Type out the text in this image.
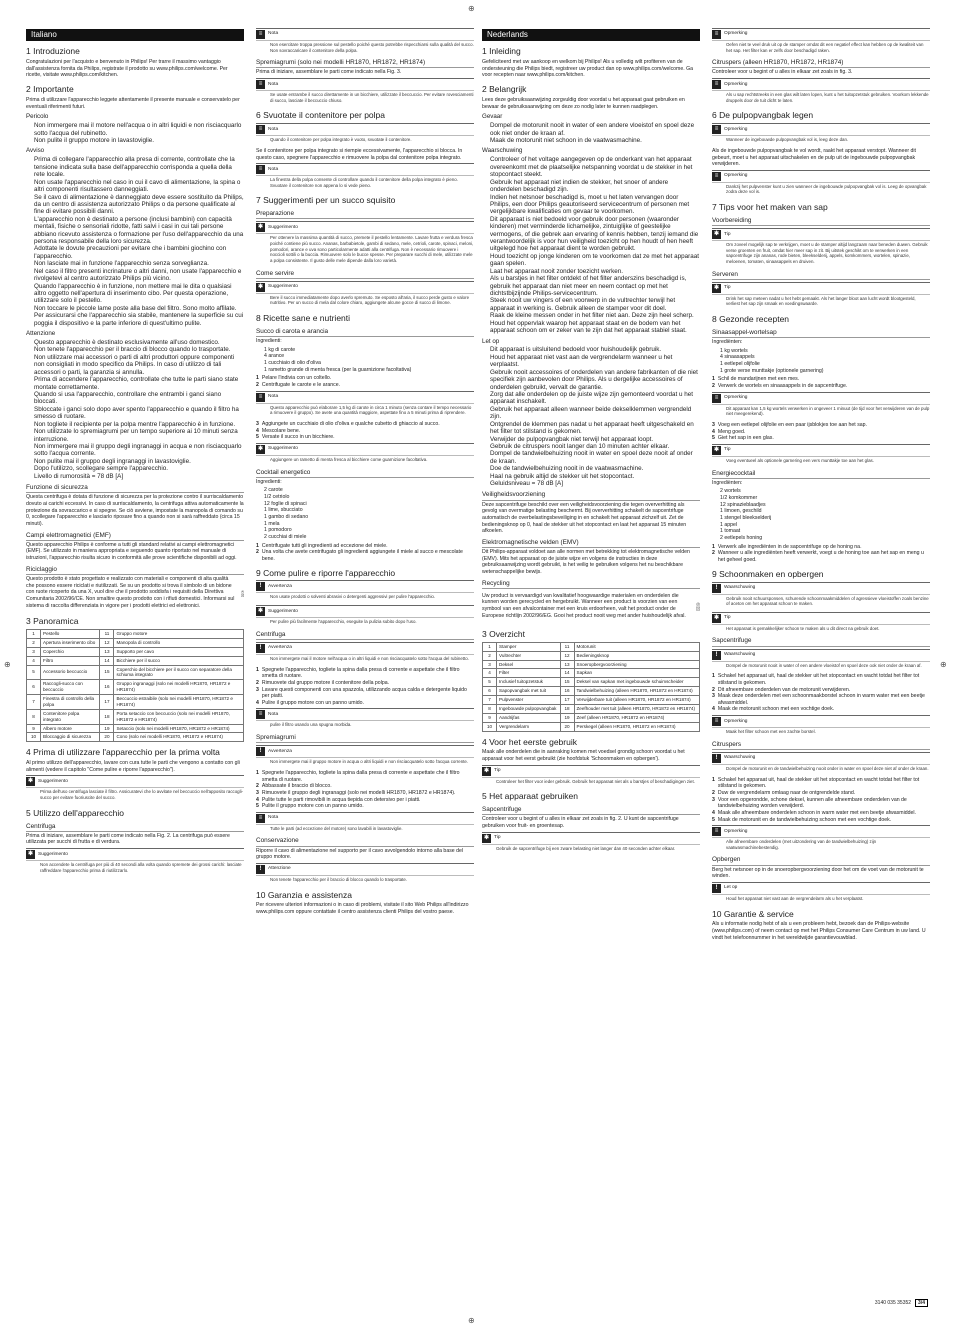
Italiano
1 Introduzione

Congratulazioni per l'acquisto e benvenuto in Philips! Per trarre il massimo vantaggio dall'assistenza fornita da Philips, registrate il prodotto su www.philips.com/welcome. Per ricette, visitate www.philips.com/kitchen.

2 Importante

Prima di utilizzare l'apparecchio leggete attentamente il presente manuale e conservatelo per eventuali riferimenti futuri.

Pericolo
• Non immergere mai il motore nell'acqua o in altri liquidi e non risciacquarlo sotto l'acqua del rubinetto.
• Non pulite il gruppo motore in lavastoviglie.
Avviso
• Prima di collegare l'apparecchio alla presa di corrente, controllate che la tensione indicata sulla base dell'apparecchio corrisponda a quella della rete locale.
• Non usate l'apparecchio nel caso in cui il cavo di alimentazione, la spina o altri componenti risultassero danneggiati.
• Se il cavo di alimentazione è danneggiato deve essere sostituito da Philips, da un centro di assistenza autorizzato Philips o da persone qualificate al fine di evitare possibili danni.
• L'apparecchio non è destinato a persone (inclusi bambini) con capacità mentali, fisiche o sensoriali ridotte, fatti salvi i casi in cui tali persone abbiano ricevuto assistenza o formazione per l'uso dell'apparecchio da una persona responsabile della loro sicurezza.
• Adottate le dovute precauzioni per evitare che i bambini giochino con l'apparecchio.
• Non lasciate mai in funzione l'apparecchio senza sorveglianza.
• Nel caso il filtro presenti incrinature o altri danni, non usate l'apparecchio e rivolgetevi al centro autorizzato Philips più vicino.
• Quando l'apparecchio è in funzione, non mettere mai le dita o qualsiasi altro oggetto nell'apertura di inserimento cibo. Per questa operazione, utilizzare solo il pestello.
• Non toccare le piccole lame poste alla base del filtro. Sono molto affilate.
• Per assicurarsi che l'apparecchio sia stabile, mantenere la superficie su cui poggia il dispositivo e la parte inferiore di quest'ultimo pulite.
Attenzione
• Questo apparecchio è destinato esclusivamente all'uso domestico.
• Non tenete l'apparecchio per il braccio di blocco quando lo trasportate.
• Non utilizzare mai accessori o parti di altri produttori oppure componenti non consigliati in modo specifico da Philips. In caso di utilizzo di tali accessori o parti, la garanzia si annulla.
• Prima di accendere l'apparecchio, controllate che tutte le parti siano state montate correttamente.
• Quando si usa l'apparecchio, controllare che entrambi i ganci siano bloccati.
• Sbloccate i ganci solo dopo aver spento l'apparecchio e quando il filtro ha smesso di ruotare.
• Non togliete il recipiente per la polpa mentre l'apparecchio è in funzione.
• Non utilizzate lo spremiagrumi per un tempo superiore ai 10 minuti senza interruzione.
• Non immergere mai il gruppo degli ingranaggi in acqua e non risciacquarlo sotto l'acqua corrente.
• Non pulite mai il gruppo degli ingranaggi in lavastoviglie.
• Dopo l'utilizzo, scollegare sempre l'apparecchio.
• Livello di rumorosità = 78 dB [A]
Funzione di sicurezza

Questa centrifuga è dotata di funzione di sicurezza per la protezione contro il surriscaldamento dovuto ai carichi eccessivi. In caso di surriscaldamento, la centrifuga attiva automaticamente la protezione da sovraccarico e si spegne. Se ciò avviene, impostate la manopola di comando su 0, scollegare l'apparecchio e lasciarlo riposare fino a quando non si sarà raffreddato (circa 15 minuti).

Campi elettromagnetici (EMF)

Questo apparecchio Philips è conforme a tutti gli standard relativi ai campi elettromagnetici (EMF). Se utilizzato in maniera appropriata e seguendo quanto riportato nel manuale di istruzioni, l'apparecchio risulta sicuro in conformità alle prove scientifiche disponibili ad oggi.

Riciclaggio

Questo prodotto è stato progettato e realizzato con materiali e componenti di alta qualità che possono essere riciclati e riutilizzati. Se su un prodotto si trova il simbolo di un bidone con ruote ricoperto da una X, vuol dire che il prodotto soddisfa i requisiti della Direttiva Comunitaria 2002/96/CE. Non smaltire questo prodotto con i rifiuti domestici. Informarsi sul sistema di raccolta differenziata in vigore per i prodotti elettrici ed elettronici.

3 Panoramica
1	Pestello	11	Gruppo motore
2	Apertura inserimento cibo	12	Manopola di controllo
3	Coperchio	13	Supporto per cavo
4	Filtro	14	Bicchiere per il succo
5	Accessorio beccuccio	15	Coperchio del bicchiere per il succo con separatore della schiuma integrato
6	Raccogli-succo con beccuccio	16	Gruppo ingranaggi (solo nei modelli HR1870, HR1872 e HR1874)
7	Finestra di controllo della polpa	17	Beccuccio estraibile (solo nei modelli HR1870, HR1872 e HR1874)
8	Contenitore polpa integrato	18	Porta setaccio con beccuccio (solo nei modelli HR1870, HR1872 e HR1874)
9	Albero motore	19	Setaccio (solo nei modelli HR1870, HR1872 e HR1874)
10	Bloccaggio di sicurezza	20	Cono (solo nei modelli HR1870, HR1872 e HR1874)
4 Prima di utilizzare l'apparecchio per la prima volta

Al primo utilizzo dell'apparecchio, lavare con cura tutte le parti che vengono a contatto con gli alimenti (vedere il capitolo "Come pulire e riporre l'apparecchio").

✱	Suggerimento
Prima dell'uso centrifuga lasciate il filtro. Assicuratevi che lo avvitate nel beccuccio nell'apposito raccogli-succo per evitare fuoriuscite del succo.
5 Utilizzo dell'apparecchio
Centrifuga

Prima di iniziare, assemblare le parti come indicato nella Fig. 2. La centrifuga può essere utilizzata per succhi di frutta e di verdura.

✱	Suggerimento
Non accendete la centrifuga per più di 40 secondi alla volta quando spremete dei grossi carichi: lasciate raffreddare l'apparecchio prima di riutilizzarlo.
≡	Nota
Non esercitare troppa pressione sul pestello poiché questo potrebbe rispecchiarsi sulla qualità del succo. Non sovraccaricare il contenitore della polpa.
Spremiagrumi (solo nei modelli HR1870, HR1872, HR1874)

Prima di iniziare, assemblare le parti come indicato nella Fig. 3.

≡	Nota
Se usate entrambe il succo direttamente in un bicchiere, utilizzate il beccuccio. Per evitare rovesciamenti di succo, lasciate il beccuccio chiuso.
6 Svuotate il contenitore per polpa
≡	Nota
Quando il contenitore per polpa integrato è vuoto, svuotate il contenitore.

Se il contenitore per polpa integrato si riempie eccessivamente, l'apparecchio si blocca. In questo caso, spegnere l'apparecchio e rimuovere la polpa dal contenitore polpa integrato.

≡	Nota
La finestra della polpa consente di controllare quando il contenitore della polpa integrato è pieno. Svuotare il contenitore non appena lo si vede pieno.
7 Suggerimenti per un succo squisito
Preparazione
✱	Suggerimento
Per ottenere la massima quantità di succo, premete il pestello lentamente. Lavare frutta e verdura fresca poiché contiene più succo. Ananas, barbabietole, gambi di sedano, mele, cetrioli, carote, spinaci, meloni, pomodori, arance e uva sono particolarmente adatti alla centrifuga. Non è necessario rimuovere i noccioli sottili o la buccia. Rimuovere solo le bucce spesse. Per preparare succhi di mele, utilizzate mele a polpa consistente. Il gusto delle mele dipende dalla loro varietà.
Come servire
✱	Suggerimento
Bere il succo immediatamente dopo averlo spremuto. Se esposto all'aria, il succo perde gusto e valore nutritivo. Per un succo di mela dal colore chiaro, aggiungete alcune gocce di succo di limone.
8 Ricette sane e nutrienti
Succo di carota e arancia

Ingredienti:

• 1 kg di carote
• 4 arance
• 1 cucchiaio di olio d'oliva
• 1 rametto grande di menta fresca (per la guarnizione facoltativa)
1 Pelare l'indivia con un coltello.
2 Centrifugate le carote e le arance.
≡	Nota
Questo apparecchio può elaborare 1,5 kg di carote in circa 1 minuto (senza contare il tempo necessario a rimuovere il gruppo). Se avete una quantità maggiore, aspettate fino a 5 minuti prima di riprendere.
3 Aggiungete un cucchiaio di olio d'oliva e qualche cubetto di ghiaccio al succo.
4 Mescolare bene.
5 Versate il succo in un bicchiere.
✱	Suggerimento
Aggiungere un rametto di menta fresca al bicchiere come guarnizione facoltativa.
Cocktail energetico

Ingredienti:

• 2 carote
• 1/2 cetriolo
• 12 foglie di spinaci
• 1 lime, sbucciato
• 1 gambo di sedano
• 1 mela
• 1 pomodoro
• 2 cucchiai di miele
1 Centrifugate tutti gli ingredienti ad eccezione del miele.
2 Una volta che avete centrifugato gli ingredienti aggiungete il miele al succo e mescolate bene.
9 Come pulire e riporre l'apparecchio
!	Avvertenza
Non usate prodotti o solventi abrasivi o detergenti aggressivi per pulire l'apparecchio.
✱	Suggerimento
Per pulire più facilmente l'apparecchio, eseguite la pulizia subito dopo l'uso.
Centrifuga
!	Avvertenza
Non immergete mai il motore nell'acqua o in altri liquidi e non risciacquatelo sotto l'acqua del rubinetto.
1 Spegnete l'apparecchio, togliete la spina dalla presa di corrente e aspettate che il filtro smetta di ruotare.
2 Rimuovete dal gruppo motore il contenitore della polpa.
3 Lavare questi componenti con una spazzola, utilizzando acqua calda e detergente liquido per piatti.
4 Pulire il gruppo motore con un panno umido.
≡	Nota
pulire il filtro usando una spugna morbida.
Spremiagrumi
!	Avvertenza
Non immergete mai il gruppo motore in acqua o altri liquidi e non risciacquatelo sotto l'acqua corrente.
1 Spegnete l'apparecchio, togliete la spina dalla presa di corrente e aspettate che il filtro smetta di ruotare.
2 Abbassate il braccio di blocco.
3 Rimuovete il gruppo degli ingranaggi (solo nei modelli HR1870, HR1872 e HR1874).
4 Pulite tutte le parti rimovibili in acqua tiepida con detersivo per i piatti.
5 Pulite il gruppo motore con un panno umido.
≡	Nota
Tutte le parti (ad eccezione del motore) sono lavabili in lavastoviglie.
Conservazione

Riporre il cavo di alimentazione nel supporto per il cavo avvolgendolo intorno alla base del gruppo motore.

!	Attenzione
Non tenete l'apparecchio per il braccio di blocco quando lo trasportate.
10 Garanzia e assistenza

Per ricevere ulteriori informazioni o in caso di problemi, visitate il sito Web Philips all'indirizzo www.philips.com oppure contattate il centro assistenza clienti Philips del vostro paese.

Nederlands
1 Inleiding

Gefeliciteerd met uw aankoop en welkom bij Philips! Als u volledig wilt profiteren van de ondersteuning die Philips biedt, registreer uw product dan op www.philips.com/welcome. Ga voor recepten naar www.philips.com/kitchen.

2 Belangrijk

Lees deze gebruiksaanwijzing zorgvuldig door voordat u het apparaat gaat gebruiken en bewaar de gebruiksaanwijzing om deze zo nodig later te kunnen raadplegen.

Gevaar
• Dompel de motorunit nooit in water of een andere vloeistof en spoel deze ook niet onder de kraan af.
• Maak de motorunit niet schoon in de vaatwasmachine.
Waarschuwing
• Controleer of het voltage aangegeven op de onderkant van het apparaat overeenkomt met de plaatselijke netspanning voordat u de stekker in het stopcontact steekt.
• Gebruik het apparaat niet indien de stekker, het snoer of andere onderdelen beschadigd zijn.
• Indien het netsnoer beschadigd is, moet u het laten vervangen door Philips, een door Philips geautoriseerd servicecentrum of personen met vergelijkbare kwalificaties om gevaar te voorkomen.
• Dit apparaat is niet bedoeld voor gebruik door personen (waaronder kinderen) met verminderde lichamelijke, zintuiglijke of geestelijke vermogens, of die gebrek aan ervaring of kennis hebben, tenzij iemand die verantwoordelijk is voor hun veiligheid toezicht op hen houdt of hen heeft uitgelegd hoe het apparaat dient te worden gebruikt.
• Houd toezicht op jonge kinderen om te voorkomen dat ze met het apparaat gaan spelen.
• Laat het apparaat nooit zonder toezicht werken.
• Als u barstjes in het filter ontdekt of het filter anderszins beschadigd is, gebruik het apparaat dan niet meer en neem contact op met het dichtstbijzijnde Philips-servicecentrum.
• Steek nooit uw vingers of een voorwerp in de vultrechter terwijl het apparaat in werking is. Gebruik alleen de stamper voor dit doel.
• Raak de kleine messen onder in het filter niet aan. Deze zijn heel scherp.
• Houd het oppervlak waarop het apparaat staat en de bodem van het apparaat schoon om er zeker van te zijn dat het apparaat stabiel staat.
Let op
• Dit apparaat is uitsluitend bedoeld voor huishoudelijk gebruik.
• Houd het apparaat niet vast aan de vergrendelarm wanneer u het verplaatst.
• Gebruik nooit accessoires of onderdelen van andere fabrikanten of die niet specifiek zijn aanbevolen door Philips. Als u dergelijke accessoires of onderdelen gebruikt, vervalt de garantie.
• Zorg dat alle onderdelen op de juiste wijze zijn gemonteerd voordat u het apparaat inschakelt.
• Gebruik het apparaat alleen wanneer beide dekselklemmen vergrendeld zijn.
• Ontgrendel de klemmen pas nadat u het apparaat heeft uitgeschakeld en het filter tot stilstand is gekomen.
• Verwijder de pulpopvangbak niet terwijl het apparaat loopt.
• Gebruik de citruspers nooit langer dan 10 minuten achter elkaar.
• Dompel de tandwielbehuizing nooit in water en spoel deze nooit af onder de kraan.
• Doe de tandwielbehuizing nooit in de vaatwasmachine.
• Haal na gebruik altijd de stekker uit het stopcontact.
• Geluidsniveau = 78 dB [A]
Veiligheidsvoorziening

Deze sapcentrifuge beschikt over een veiligheidsvoorziening die tegen oververhitting als gevolg van overmatige belasting beschermt. Bij oververhitting schakelt de sapcentrifuge automatisch de overbelastingsbeveiliging in en schakelt het apparaat zichzelf uit. Zet de bedieningsknop op 0, haal de stekker uit het stopcontact en laat het apparaat 15 minuten afkoelen.

Elektromagnetische velden (EMV)

Dit Philips-apparaat voldoet aan alle normen met betrekking tot elektromagnetische velden (EMV). Mits het apparaat op de juiste wijze en volgens de instructies in deze gebruiksaanwijzing wordt gebruikt, is het veilig te gebruiken volgens het nu beschikbare wetenschappelijke bewijs.

Recycling

Uw product is vervaardigd van kwalitatief hoogwaardige materialen en onderdelen die kunnen worden gerecycled en hergebruikt. Wanneer een product is voorzien van een symbool van een afvalcontainer met een kruis erdoorheen, valt het product onder de Europese richtlijn 2002/96/EG. Gooi het product nooit weg met ander huishoudelijk afval.

3 Overzicht
1	Stamper	11	Motorunit
2	Vultrechter	12	Bedieningsknop
3	Deksel	13	Snoeropbergvoorziening
4	Filter	14	Sapkan
5	Inclusief tuitopzetstuk	15	Deksel van sapkan met ingebouwde schuimscheider
6	Sapopvangbak met tuit	16	Tandwielbehuizing (alleen HR1870, HR1872 en HR1874)
7	Pulpvenster	17	Verwijderbare tuit (alleen HR1870, HR1872 en HR1874)
8	Ingebouwde pulpopvangbak	18	Zeefhouder met tuit (alleen HR1870, HR1872 en HR1874)
9	Aandrijfas	19	Zeef (alleen HR1870, HR1872 en HR1874)
10	Vergrendelarm	20	Perskegel (alleen HR1870, HR1872 en HR1874)
4 Voor het eerste gebruik

Maak alle onderdelen die in aanraking komen met voedsel grondig schoon voordat u het apparaat voor het eerst gebruikt (zie hoofdstuk 'Schoonmaken en opbergen').

✱	Tip
Controleer het filter voor ieder gebruik. Gebruik het apparaat niet als u barstjes of beschadigingen ziet.
5 Het apparaat gebruiken
Sapcentrifuge

Controleer voor u begint of u alles in elkaar zet zoals in fig. 2. U kunt de sapcentrifuge gebruiken voor fruit- en groentesap.

✱	Tip
Gebruik de sapcentrifuge bij een zware belasting niet langer dan 40 seconden achter elkaar.
≡	Opmerking
Oefen niet te veel druk uit op de stamper omdat dit een negatief effect kan hebben op de kwaliteit van het sap. Het filter kan er zelfs door beschadigd raken.
Citruspers (alleen HR1870, HR1872, HR1874)

Controleer voor u begint of u alles in elkaar zet zoals in fig. 3.

≡	Opmerking
Als u sap rechtstreeks in een glas wilt laten lopen, kunt u het tuitopzetstuk gebruiken. Voorkom lekkende druppels door de tuit dicht te laten.
6 De pulpopvangbak legen
≡	Opmerking
Wanneer de ingebouwde pulpopvangbak vol is, leeg deze dan.

Als de ingebouwde pulpopvangbak te vol wordt, raakt het apparaat verstopt. Wanneer dit gebeurt, moet u het apparaat uitschakelen en de pulp uit de ingebouwde pulpopvangbak verwijderen.

≡	Opmerking
Dankzij het pulpvenster kunt u zien wanneer de ingebouwde pulpopvangbak vol is. Leeg de opvangbak zodra deze vol is.
7 Tips voor het maken van sap
Voorbereiding
✱	Tip
Om zoveel mogelijk sap te verkrijgen, moet u de stamper altijd langzaam naar beneden duwen. Gebruik verse groenten en fruit, omdat hier meer sap in zit. Bij uitstek geschikt om te verwerken in een sapcentrifuge zijn ananas, rode bieten, bleekselderij, appels, komkommers, wortelen, spinazie, meloenen, tomaten, sinaasappels en druiven.
Serveren
✱	Tip
Drink het sap meteen nadat u het hebt gemaakt. Als het langer bloot aan lucht wordt blootgesteld, verliest het sap zijn smaak en voedingswaarde.
8 Gezonde recepten
Sinaasappel-wortelsap

Ingrediënten:

• 1 kg wortels
• 4 sinaasappels
• 1 eetlepel olijfolie
• 1 grote verse munttakje (optionele garnering)
1 Schil de mandarijnen met een mes.
2 Verwerk de wortels en sinaasappels in de sapcentrifuge.
≡	Opmerking
Dit apparaat kan 1,5 kg wortels verwerken in ongeveer 1 minuut (de tijd voor het verwijderen van de pulp niet meegerekend).
3 Voeg een eetlepel olijfolie en een paar ijsblokjes toe aan het sap.
4 Meng goed.
5 Giet het sap in een glas.
✱	Tip
Voeg eventueel als optionele garnering een vers munttakje toe aan het glas.
Energiecocktail

Ingrediënten:

• 2 wortels
• 1/2 komkommer
• 12 spinazieblaadjes
• 1 limoen, geschild
• 1 stengel bleekselderij
• 1 appel
• 1 tomaat
• 2 eetlepels honing
1 Verwerk alle ingrediënten in de sapcentrifuge op de honing na.
2 Wanneer u alle ingrediënten heeft verwerkt, voegt u de honing toe aan het sap en meng u het geheel goed.
9 Schoonmaken en opbergen
!	Waarschuwing
Gebruik nooit schuursponsen, schurende schoonmaakmiddelen of agressieve vloeistoffen zoals benzine of aceton om het apparaat schoon te maken.
✱	Tip
Het apparaat is gemakkelijker schoon te maken als u dit direct na gebruik doet.
Sapcentrifuge
!	Waarschuwing
Dompel de motorunit nooit in water of een andere vloeistof en spoel deze ook niet onder de kraan af.
1 Schakel het apparaat uit, haal de stekker uit het stopcontact en wacht totdat het filter tot stilstand is gekomen.
2 Dit afneembare onderdelen van de motorunit verwijderen.
3 Maak deze onderdelen met een schoonmaakborstel schoon in warm water met een beetje afwasmiddel.
4 Maak de motorunit schoon met een vochtige doek.
≡	Opmerking
Maak het filter schoon met een zachte borstel.
Citruspers
!	Waarschuwing
Dompel de motorunit en de tandwielbehuizing nooit onder in water en spoel deze niet af onder de kraan.
1 Schakel het apparaat uit, haal de stekker uit het stopcontact en wacht totdat het filter tot stilstand is gekomen.
2 Duw de vergrendelarm omlaag naar de ontgrendelde stand.
3 Voor een opgerondde, schone deksel, kunnen alle afneembare onderdelen van de tandwielbehuizing worden verwijderd.
4 Maak alle afneembare onderdelen schoon in warm water met een beetje afwasmiddel.
5 Maak de motorunit en de tandwielbehuizing schoon met een vochtige doek.
≡	Opmerking
Alle afneembare onderdelen (met uitzondering van de tandwielbehuizing) zijn vaatwasmachinebestendig.
Opbergen

Berg het netsnoer op in de snoeropbergvoorziening door het om de voet van de motorunit te winden.

!	Let op
Houd het apparaat niet vast aan de vergrendelarm als u het verplaatst.
10 Garantie & service

Als u informatie nodig hebt of als u een probleem hebt, bezoek dan de Philips-website (www.philips.com) of neem contact op met het Philips Consumer Care Centrum in uw land. U vindt het telefoonnummer in het wereldwijde garantievouwblad.

3140 035 35352	3/4
⊕
⊕
⊕	⊕
